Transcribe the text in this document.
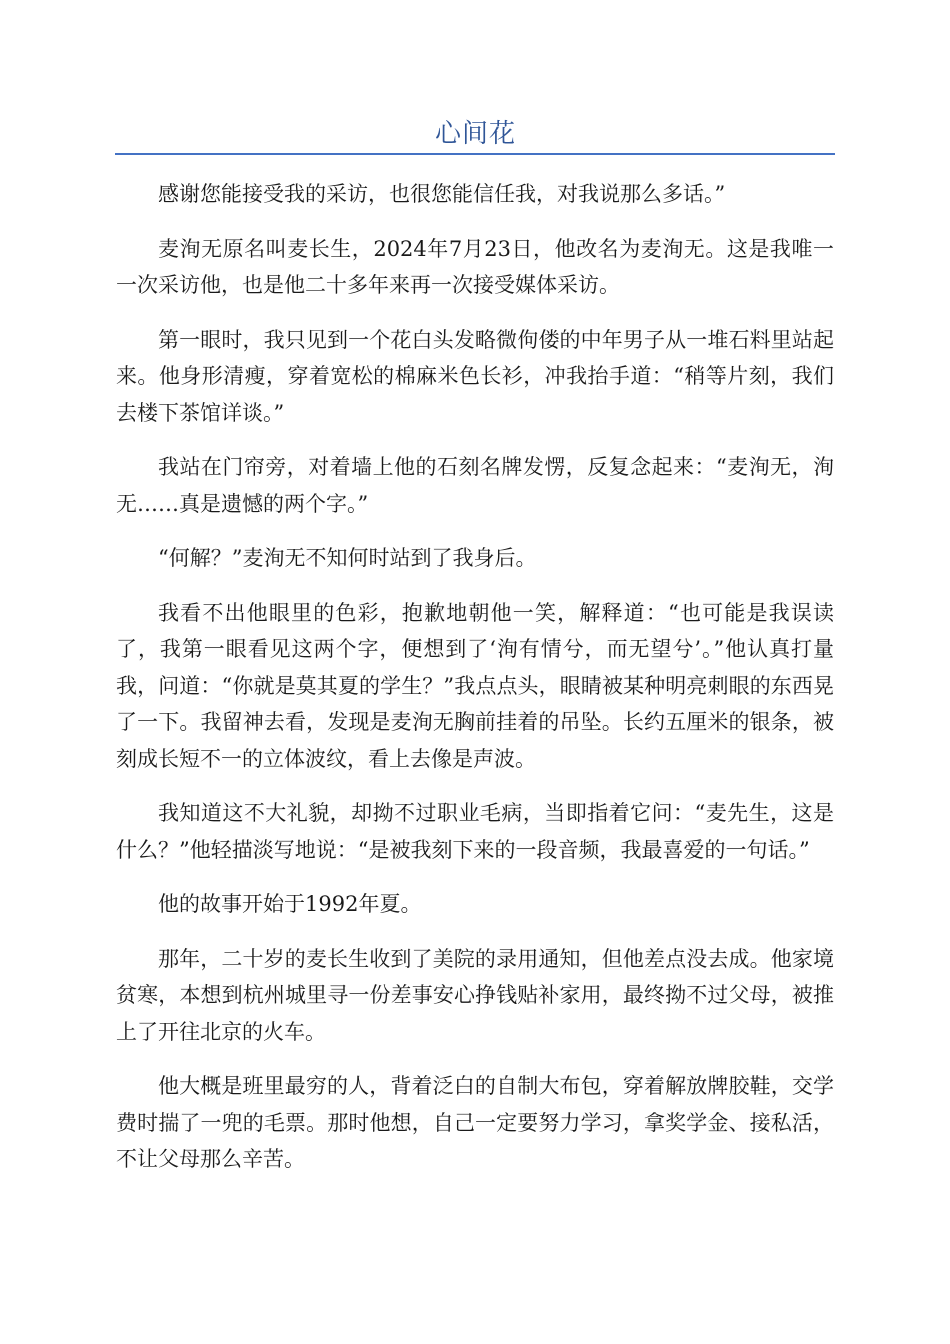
心间花

感谢您能接受我的采访，也很您能信任我，对我说那么多话。”

麦洵无原名叫麦长生，2024年7月23日，他改名为麦洵无。这是我唯一一次采访他，也是他二十多年来再一次接受媒体采访。

第一眼时，我只见到一个花白头发略微佝偻的中年男子从一堆石料里站起来。他身形清瘦，穿着宽松的棉麻米色长衫，冲我抬手道：“稍等片刻，我们去楼下茶馆详谈。”

我站在门帘旁，对着墙上他的石刻名牌发愣，反复念起来：“麦洵无，洵无……真是遗憾的两个字。”

“何解？”麦洵无不知何时站到了我身后。

我看不出他眼里的色彩，抱歉地朝他一笑，解释道：“也可能是我误读了，我第一眼看见这两个字，便想到了‘洵有情兮，而无望兮’。”他认真打量我，问道：“你就是莫其夏的学生？”我点点头，眼睛被某种明亮刺眼的东西晃了一下。我留神去看，发现是麦洵无胸前挂着的吊坠。长约五厘米的银条，被刻成长短不一的立体波纹，看上去像是声波。

我知道这不大礼貌，却拗不过职业毛病，当即指着它问：“麦先生，这是什么？”他轻描淡写地说：“是被我刻下来的一段音频，我最喜爱的一句话。”

他的故事开始于1992年夏。

那年，二十岁的麦长生收到了美院的录用通知，但他差点没去成。他家境贫寒，本想到杭州城里寻一份差事安心挣钱贴补家用，最终拗不过父母，被推上了开往北京的火车。

他大概是班里最穷的人，背着泛白的自制大布包，穿着解放牌胶鞋，交学费时揣了一兜的毛票。那时他想，自己一定要努力学习，拿奖学金、接私活，不让父母那么辛苦。
